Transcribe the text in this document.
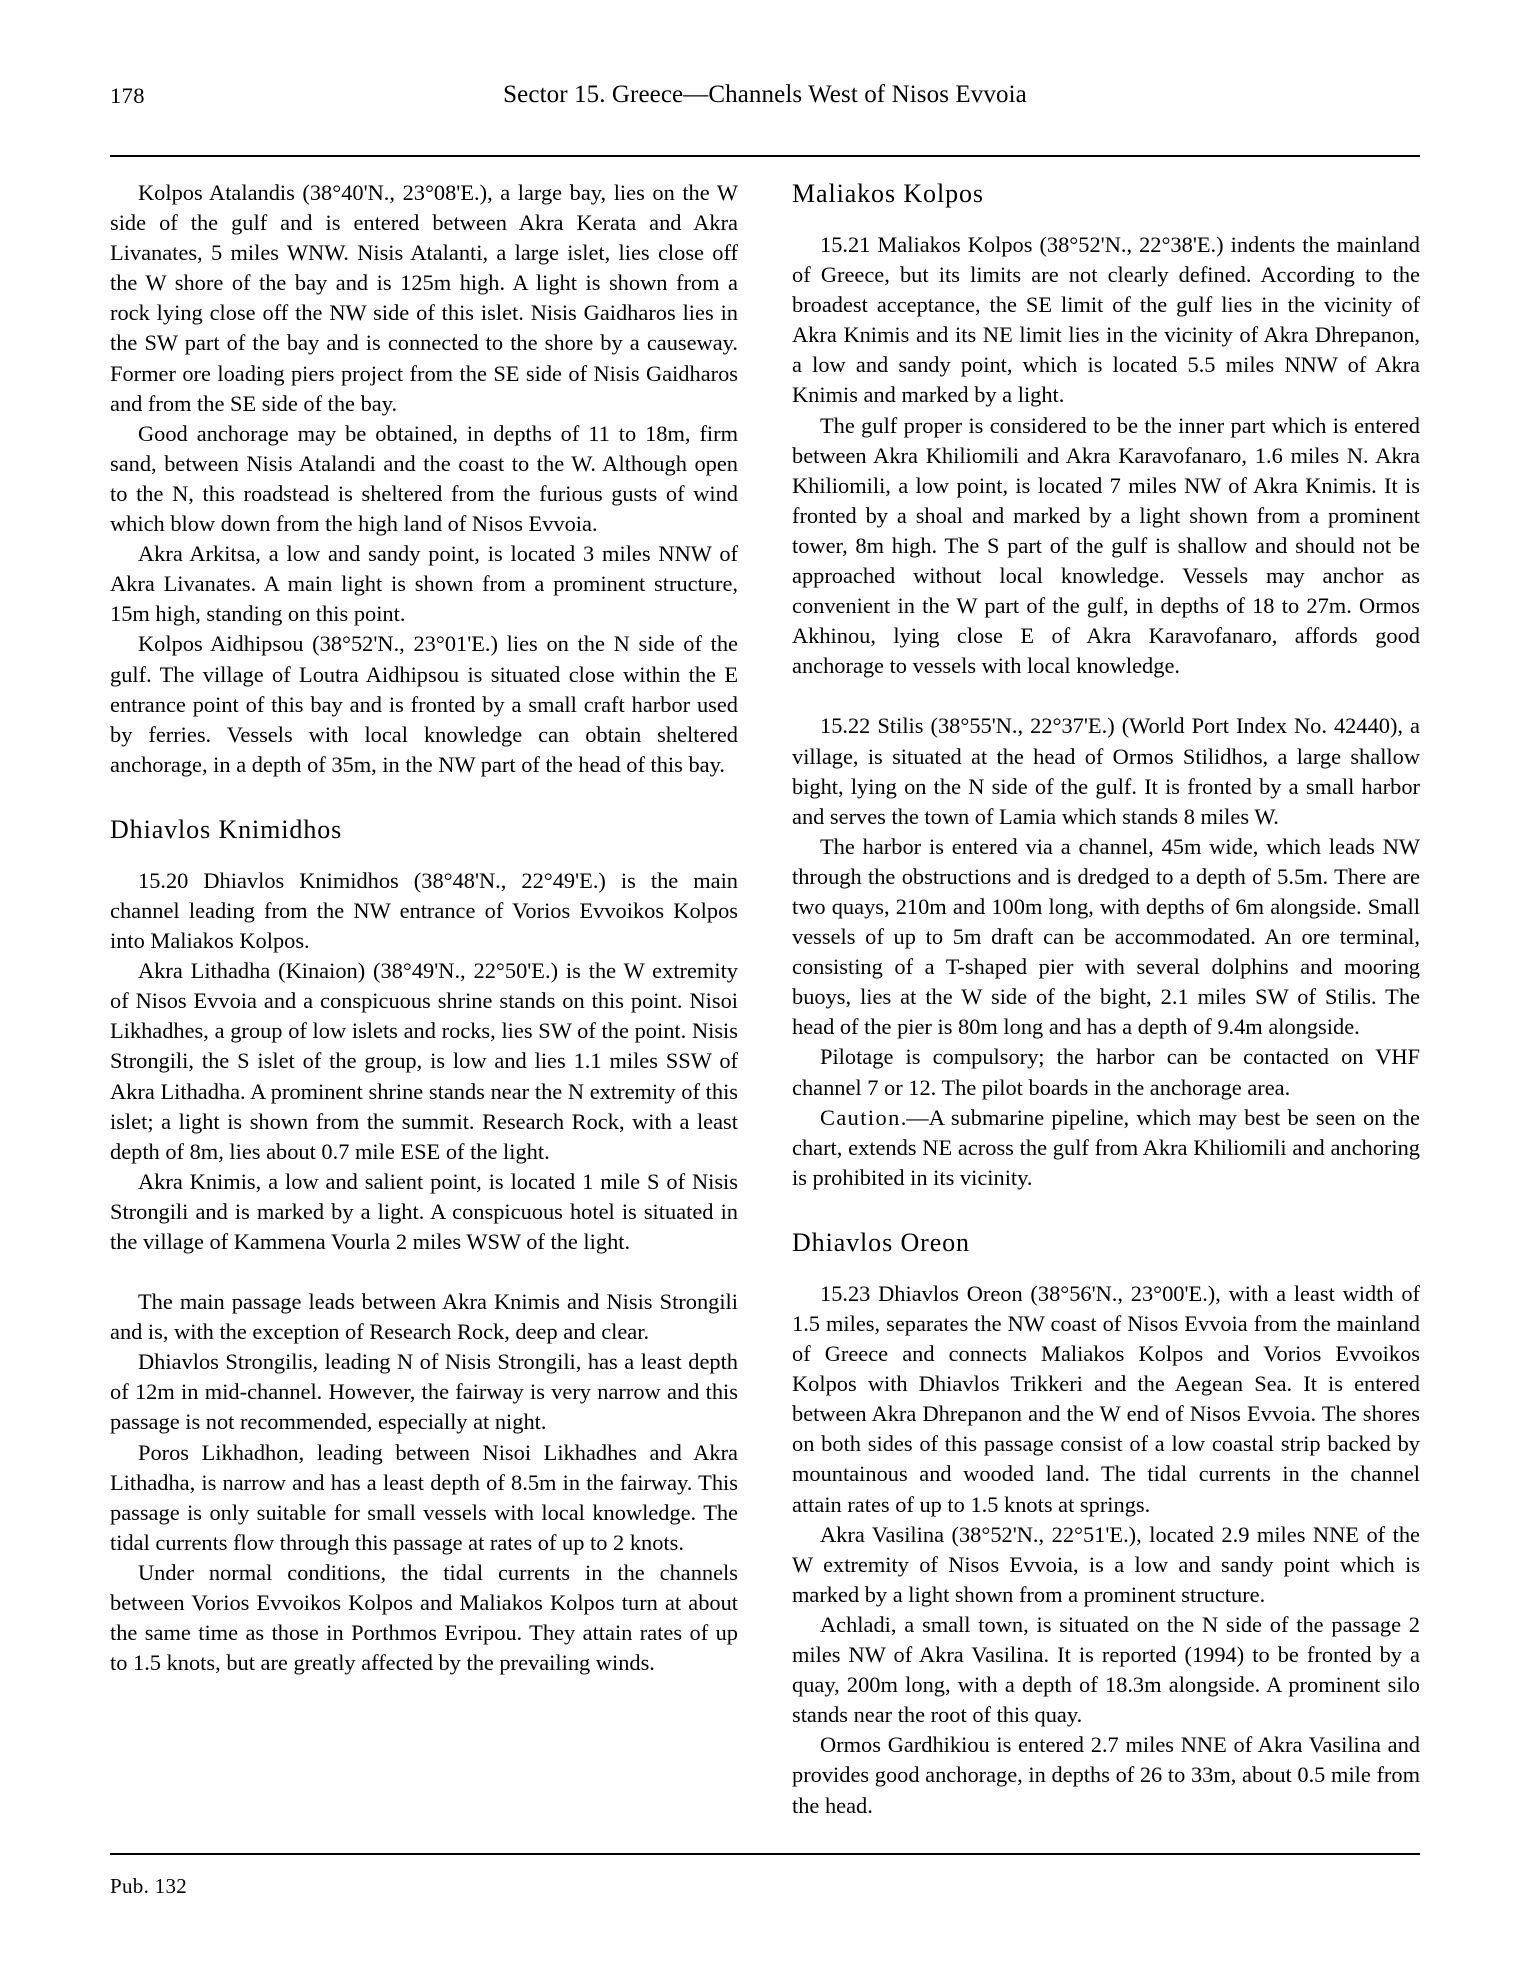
178	Sector 15. Greece—Channels West of Nisos Evvoia

Kolpos Atalandis (38°40'N., 23°08'E.), a large bay, lies on the W side of the gulf and is entered between Akra Kerata and Akra Livanates, 5 miles WNW. Nisis Atalanti, a large islet, lies close off the W shore of the bay and is 125m high. A light is shown from a rock lying close off the NW side of this islet. Nisis Gaidharos lies in the SW part of the bay and is connected to the shore by a causeway. Former ore loading piers project from the SE side of Nisis Gaidharos and from the SE side of the bay.

Good anchorage may be obtained, in depths of 11 to 18m, firm sand, between Nisis Atalandi and the coast to the W. Although open to the N, this roadstead is sheltered from the furious gusts of wind which blow down from the high land of Nisos Evvoia.

Akra Arkitsa, a low and sandy point, is located 3 miles NNW of Akra Livanates. A main light is shown from a prominent structure, 15m high, standing on this point.

Kolpos Aidhipsou (38°52'N., 23°01'E.) lies on the N side of the gulf. The village of Loutra Aidhipsou is situated close within the E entrance point of this bay and is fronted by a small craft harbor used by ferries. Vessels with local knowledge can obtain sheltered anchorage, in a depth of 35m, in the NW part of the head of this bay.

Dhiavlos Knimidhos

15.20 Dhiavlos Knimidhos (38°48'N., 22°49'E.) is the main channel leading from the NW entrance of Vorios Evvoikos Kolpos into Maliakos Kolpos.

Akra Lithadha (Kinaion) (38°49'N., 22°50'E.) is the W extremity of Nisos Evvoia and a conspicuous shrine stands on this point. Nisoi Likhadhes, a group of low islets and rocks, lies SW of the point. Nisis Strongili, the S islet of the group, is low and lies 1.1 miles SSW of Akra Lithadha. A prominent shrine stands near the N extremity of this islet; a light is shown from the summit. Research Rock, with a least depth of 8m, lies about 0.7 mile ESE of the light.

Akra Knimis, a low and salient point, is located 1 mile S of Nisis Strongili and is marked by a light. A conspicuous hotel is situated in the village of Kammena Vourla 2 miles WSW of the light.

The main passage leads between Akra Knimis and Nisis Strongili and is, with the exception of Research Rock, deep and clear.

Dhiavlos Strongilis, leading N of Nisis Strongili, has a least depth of 12m in mid-channel. However, the fairway is very narrow and this passage is not recommended, especially at night.

Poros Likhadhon, leading between Nisoi Likhadhes and Akra Lithadha, is narrow and has a least depth of 8.5m in the fairway. This passage is only suitable for small vessels with local knowledge. The tidal currents flow through this passage at rates of up to 2 knots.

Under normal conditions, the tidal currents in the channels between Vorios Evvoikos Kolpos and Maliakos Kolpos turn at about the same time as those in Porthmos Evripou. They attain rates of up to 1.5 knots, but are greatly affected by the prevailing winds.

Maliakos Kolpos

15.21 Maliakos Kolpos (38°52'N., 22°38'E.) indents the mainland of Greece, but its limits are not clearly defined. According to the broadest acceptance, the SE limit of the gulf lies in the vicinity of Akra Knimis and its NE limit lies in the vicinity of Akra Dhrepanon, a low and sandy point, which is located 5.5 miles NNW of Akra Knimis and marked by a light.

The gulf proper is considered to be the inner part which is entered between Akra Khiliomili and Akra Karavofanaro, 1.6 miles N. Akra Khiliomili, a low point, is located 7 miles NW of Akra Knimis. It is fronted by a shoal and marked by a light shown from a prominent tower, 8m high. The S part of the gulf is shallow and should not be approached without local knowledge. Vessels may anchor as convenient in the W part of the gulf, in depths of 18 to 27m. Ormos Akhinou, lying close E of Akra Karavofanaro, affords good anchorage to vessels with local knowledge.

15.22 Stilis (38°55'N., 22°37'E.) (World Port Index No. 42440), a village, is situated at the head of Ormos Stilidhos, a large shallow bight, lying on the N side of the gulf. It is fronted by a small harbor and serves the town of Lamia which stands 8 miles W.

The harbor is entered via a channel, 45m wide, which leads NW through the obstructions and is dredged to a depth of 5.5m. There are two quays, 210m and 100m long, with depths of 6m alongside. Small vessels of up to 5m draft can be accommodated. An ore terminal, consisting of a T-shaped pier with several dolphins and mooring buoys, lies at the W side of the bight, 2.1 miles SW of Stilis. The head of the pier is 80m long and has a depth of 9.4m alongside.

Pilotage is compulsory; the harbor can be contacted on VHF channel 7 or 12. The pilot boards in the anchorage area.

Caution.—A submarine pipeline, which may best be seen on the chart, extends NE across the gulf from Akra Khiliomili and anchoring is prohibited in its vicinity.

Dhiavlos Oreon

15.23 Dhiavlos Oreon (38°56'N., 23°00'E.), with a least width of 1.5 miles, separates the NW coast of Nisos Evvoia from the mainland of Greece and connects Maliakos Kolpos and Vorios Evvoikos Kolpos with Dhiavlos Trikkeri and the Aegean Sea. It is entered between Akra Dhrepanon and the W end of Nisos Evvoia. The shores on both sides of this passage consist of a low coastal strip backed by mountainous and wooded land. The tidal currents in the channel attain rates of up to 1.5 knots at springs.

Akra Vasilina (38°52'N., 22°51'E.), located 2.9 miles NNE of the W extremity of Nisos Evvoia, is a low and sandy point which is marked by a light shown from a prominent structure.

Achladi, a small town, is situated on the N side of the passage 2 miles NW of Akra Vasilina. It is reported (1994) to be fronted by a quay, 200m long, with a depth of 18.3m alongside. A prominent silo stands near the root of this quay.

Ormos Gardhikiou is entered 2.7 miles NNE of Akra Vasilina and provides good anchorage, in depths of 26 to 33m, about 0.5 mile from the head.

Pub. 132
